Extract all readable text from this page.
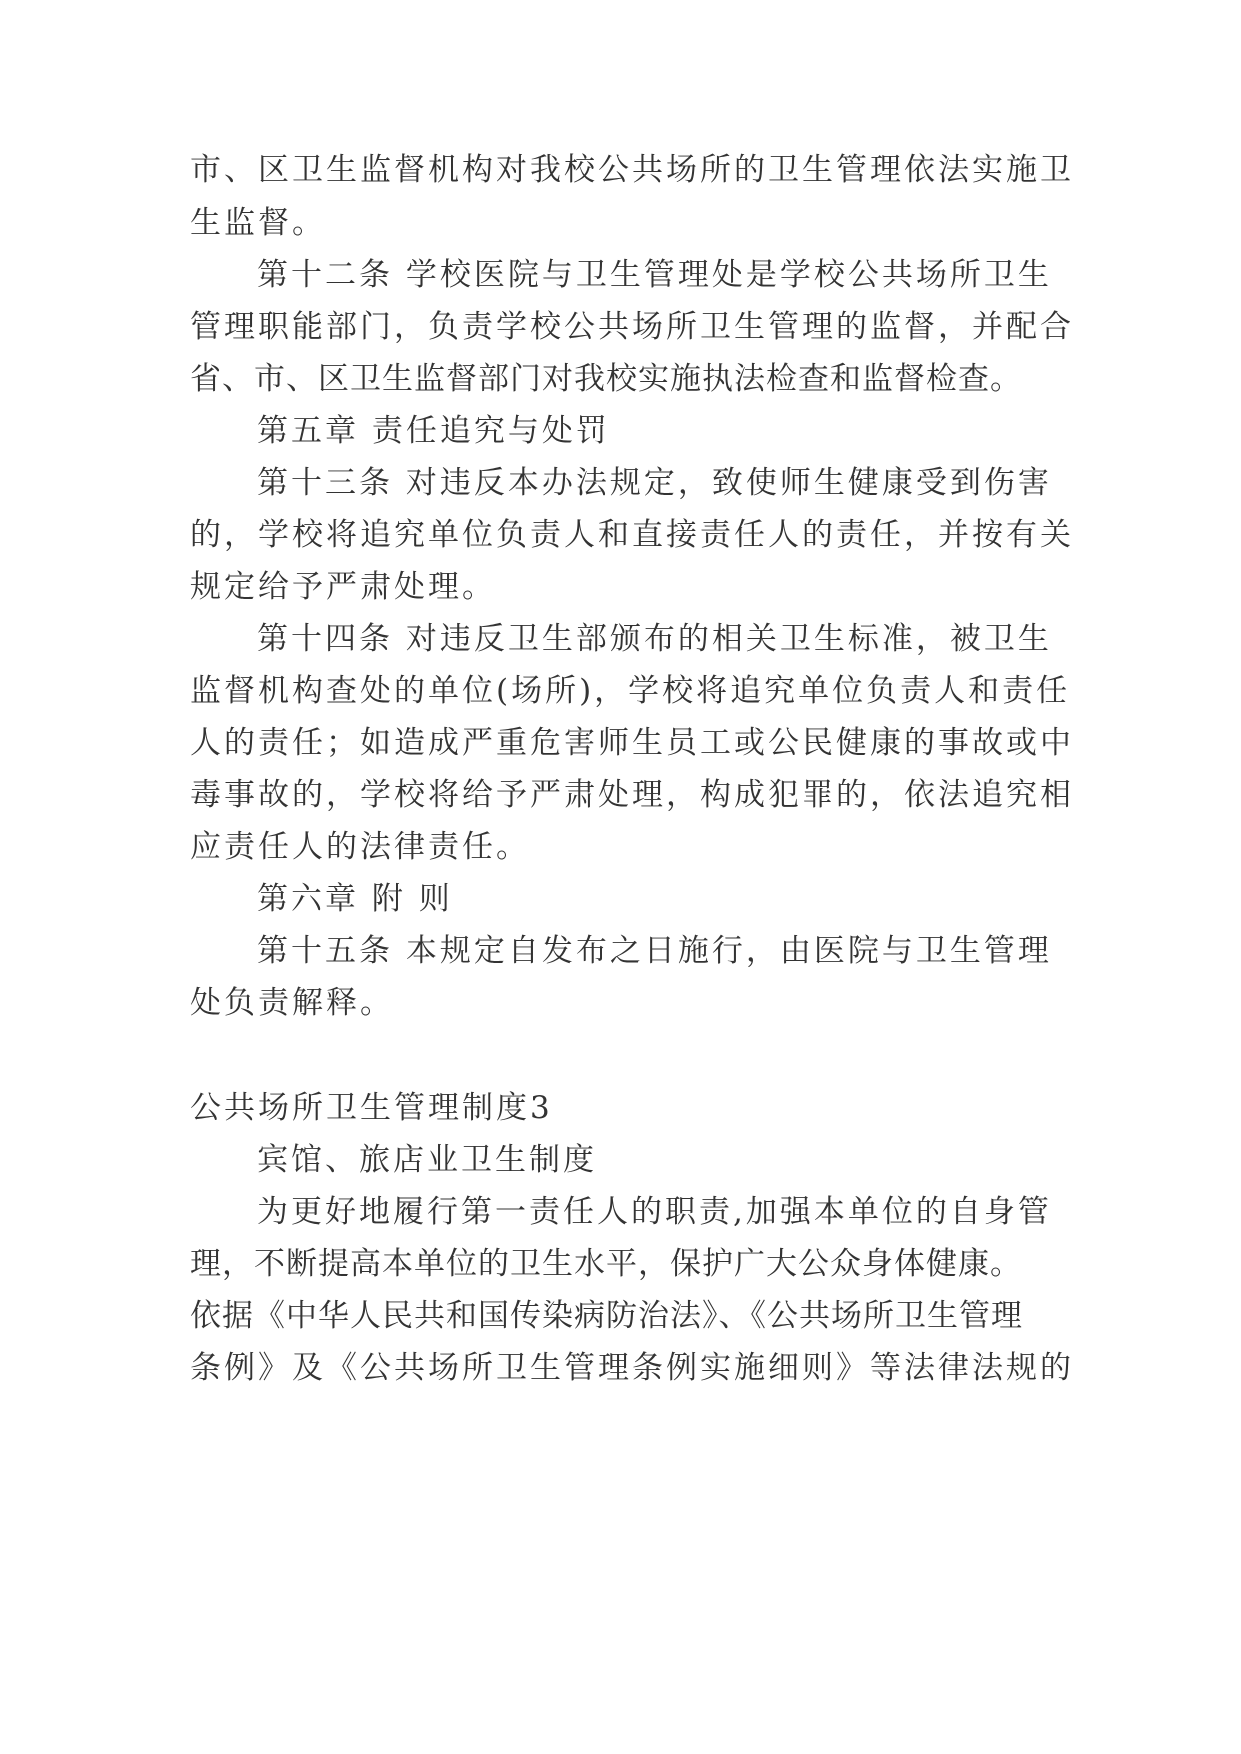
市、区卫生监督机构对我校公共场所的卫生管理依法实施卫
生监督。
第十二条 学校医院与卫生管理处是学校公共场所卫生
管理职能部门，负责学校公共场所卫生管理的监督，并配合
省、市、区卫生监督部门对我校实施执法检查和监督检查。
第五章 责任追究与处罚
第十三条 对违反本办法规定，致使师生健康受到伤害
的，学校将追究单位负责人和直接责任人的责任，并按有关
规定给予严肃处理。
第十四条 对违反卫生部颁布的相关卫生标准，被卫生
监督机构查处的单位(场所)，学校将追究单位负责人和责任
人的责任；如造成严重危害师生员工或公民健康的事故或中
毒事故的，学校将给予严肃处理，构成犯罪的，依法追究相
应责任人的法律责任。
第六章 附 则
第十五条 本规定自发布之日施行，由医院与卫生管理
处负责解释。
公共场所卫生管理制度3
宾馆、旅店业卫生制度
为更好地履行第一责任人的职责,加强本单位的自身管
理，不断提高本单位的卫生水平，保护广大公众身体健康。
依据《中华人民共和国传染病防治法》、《公共场所卫生管理
条例》及《公共场所卫生管理条例实施细则》等法律法规的
